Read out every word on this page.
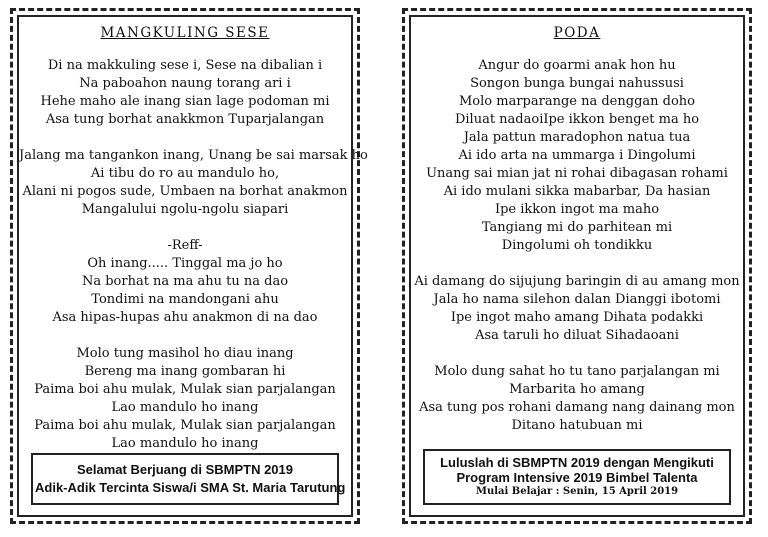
MANGKULING SESE
Di na makkuling sese i, Sese na dibalian i
Na paboahon naung torang ari i
Hehe maho ale inang sian lage podoman mi
Asa tung borhat anakkmon Tuparjalangan
Jalang ma tangankon inang, Unang be sai marsak ho
Ai tibu do ro au mandulo ho,
Alani ni pogos sude, Umbaen na borhat anakmon
Mangalului ngolu-ngolu siapari
-Reff-
Oh inang..... Tinggal ma jo ho
Na borhat na ma ahu tu na dao
Tondimi na mandongani ahu
Asa hipas-hupas ahu anakmon di na dao
Molo tung masihol ho diau inang
Bereng ma inang gombaran hi
Paima boi ahu mulak, Mulak sian parjalangan
Lao mandulo ho inang
Paima boi ahu mulak, Mulak sian parjalangan
Lao mandulo ho inang
Selamat Berjuang di SBMPTN 2019
Adik-Adik Tercinta Siswa/i SMA St. Maria Tarutung
PODA
Angur do goarmi anak hon hu
Songon bunga bungai nahussusi
Molo marparange na denggan doho
Diluat nadaoiIpe ikkon benget ma ho
Jala pattun maradophon natua tua
Ai ido arta na ummarga i Dingolumi
Unang sai mian jat ni rohai dibagasan rohami
Ai ido mulani sikka mabarbar, Da hasian
Ipe ikkon ingot ma maho
Tangiang mi do parhitean mi
Dingolumi oh tondikku
Ai damang do sijujung baringin di au amang mon
Jala ho nama silehon dalan Dianggi ibotomi
Ipe ingot maho amang Dihata podakki
Asa taruli ho diluat Sihadaoani
Molo dung sahat ho tu tano parjalangan mi
Marbarita ho amang
Asa tung pos rohani damang nang dainang mon
Ditano hatubuan mi
Luluslah di SBMPTN 2019 dengan Mengikuti
Program Intensive 2019 Bimbel Talenta
Mulai Belajar : Senin, 15 April 2019
